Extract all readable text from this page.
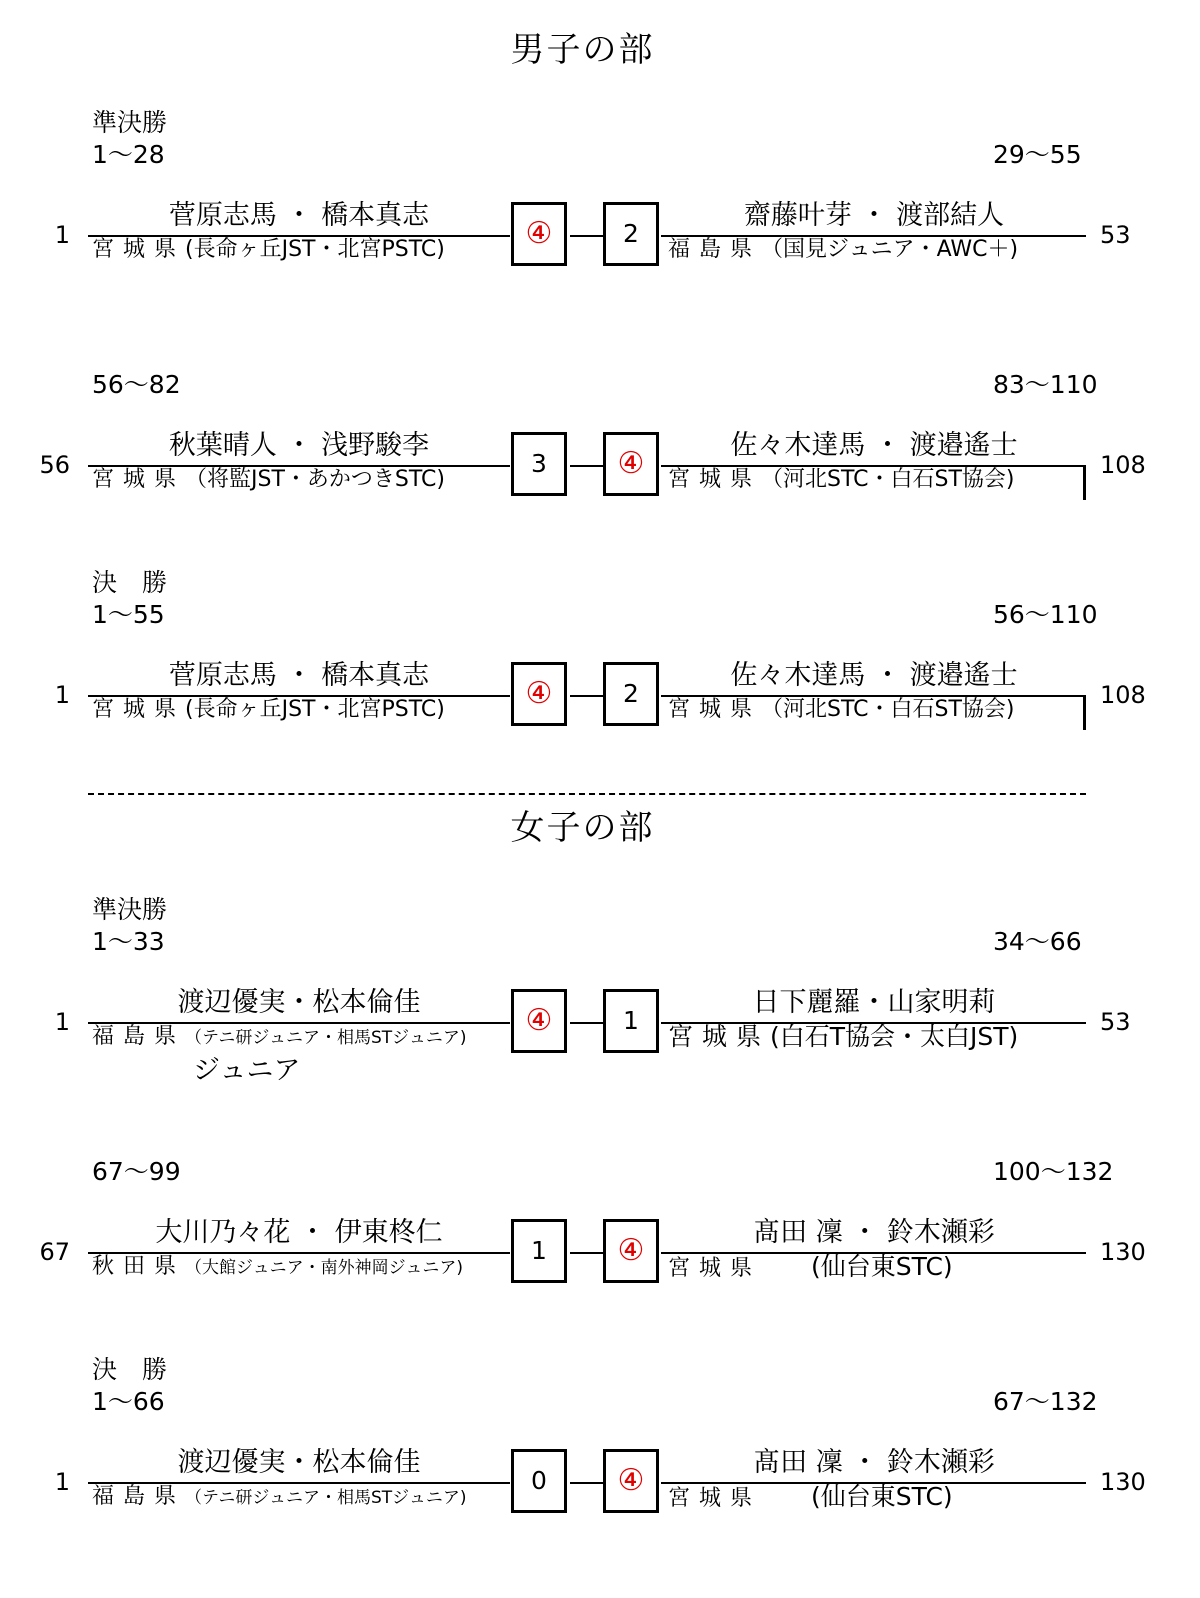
男子の部
準決勝
1～28	29～55
1
菅原志馬 ・ 橋本真志
宮城県(長命ヶ丘JST・北宮PSTC)	④	2
齋藤叶芽 ・ 渡部結人
福島県（国見ジュニア・AWC＋)
53
56～82	83～110
56
秋葉晴人 ・ 浅野駿李
宮城県（将監JST・あかつきSTC)
3	④
佐々木達馬 ・ 渡邉遙士
宮城県（河北STC・白石ST協会)
108
決　勝
1～55	56～110
1
菅原志馬 ・ 橋本真志
宮城県(長命ヶ丘JST・北宮PSTC)	④	2
佐々木達馬 ・ 渡邉遙士
宮城県（河北STC・白石ST協会)
108
女子の部
準決勝
1～33	34～66
1
渡辺優実・松本倫佳
福島県（テニ研ジュニア・相馬STジュニア)	④	1
日下麗羅・山家明莉
宮城県(白石T協会・太白JST)	53
ジュニア
67～99	100～132
67
大川乃々花 ・ 伊東柊仁
秋田県（大館ジュニア・南外神岡ジュニア)
1	④
髙田 凜 ・ 鈴木瀬彩
宮城県　　(仙台東STC)	130
決　勝
1～66	67～132
1
渡辺優実・松本倫佳
福島県（テニ研ジュニア・相馬STジュニア)
0	④
髙田 凜 ・ 鈴木瀬彩
宮城県　　(仙台東STC)	130
